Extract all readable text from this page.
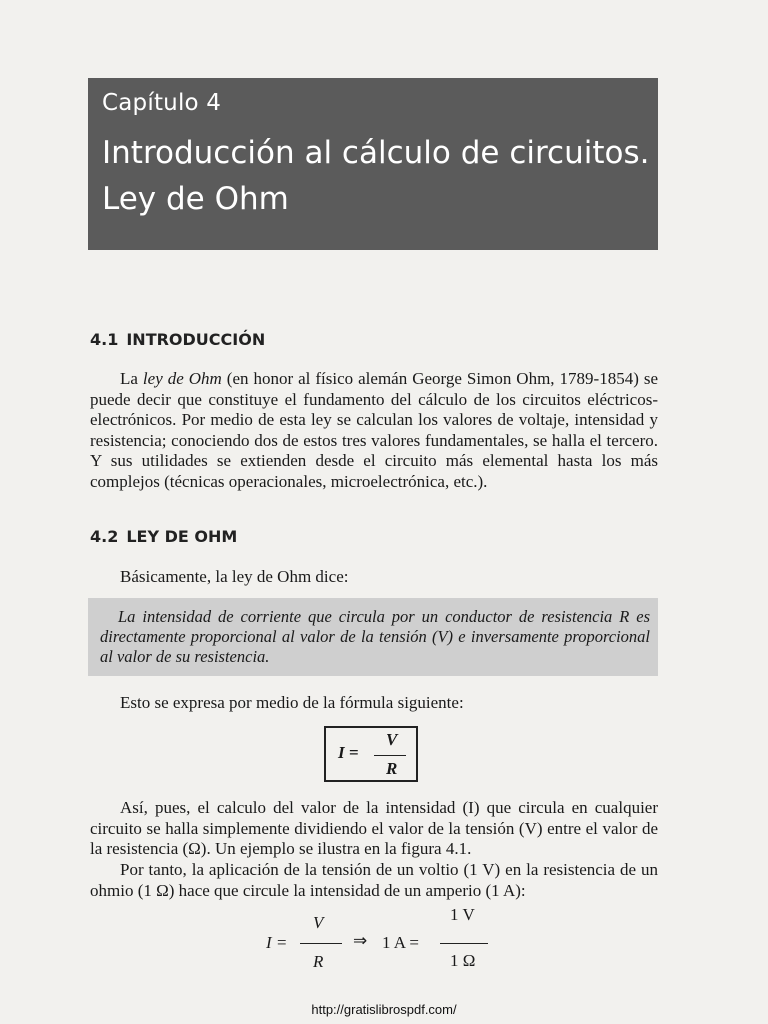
Capítulo 4
Introducción al cálculo de circuitos. Ley de Ohm
4.1 INTRODUCCIÓN
La ley de Ohm (en honor al físico alemán George Simon Ohm, 1789-1854) se puede decir que constituye el fundamento del cálculo de los circuitos eléctricos-electrónicos. Por medio de esta ley se calculan los valores de voltaje, intensidad y resistencia; conociendo dos de estos tres valores fundamentales, se halla el tercero. Y sus utilidades se extienden desde el circuito más elemental hasta los más complejos (técnicas operacionales, microelectrónica, etc.).
4.2 LEY DE OHM
Básicamente, la ley de Ohm dice:
La intensidad de corriente que circula por un conductor de resistencia R es directamente proporcional al valor de la tensión (V) e inversamente proporcional al valor de su resistencia.
Esto se expresa por medio de la fórmula siguiente:
I =
V
R
Así, pues, el calculo del valor de la intensidad (I) que circula en cualquier circuito se halla simplemente dividiendo el valor de la tensión (V) entre el valor de la resistencia (Ω). Un ejemplo se ilustra en la figura 4.1.
Por tanto, la aplicación de la tensión de un voltio (1 V) en la resistencia de un ohmio (1 Ω) hace que circule la intensidad de un amperio (1 A):
I =
V
R
⇒ 1 A =
1 V
1 Ω
http://gratislibrospdf.com/
